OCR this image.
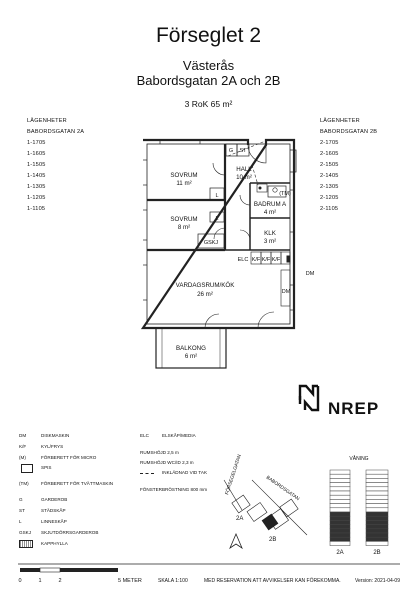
Förseglet 2
Västerås
Babordsgatan 2A och 2B
3 RoK 65 m²
LÄGENHETER
BABORDSGATAN 2A
1-1705
1-1605
1-1505
1-1405
1-1305
1-1205
1-1105
LÄGENHETER
BABORDSGATAN 2B
2-1705
2-1605
2-1505
2-1405
2-1305
2-1205
2-1105
SOVRUM
11 m²
SOVRUM
8 m²
HALL
10 m²
BADRUM A
4 m²
KLK
3 m²
VARDAGSRUM/KÖK
26 m²
BALKONG
6 m²
G ST
L
L
GSKJ
(TM)
ELC K/F K/F K/F
DM
DM
NREP
DM	DISKMASKIN
K/F	KYL/FRYS
(M)	FÖRBERETT FÖR MICRO
SPIS
(TM)	FÖRBERETT FÖR TVÄTTMASKIN
G	GARDEROB
ST	STÄDSKÅP
L	LINNESKÅP
GSKJ SKJUTDÖRRSGARDEROB
KAPPHYLLA
ELC	ELSKÅP/MEDIA
RUMSHÖJD 2,5 m
RUMSHÖJD WC/ID 2,3 m
INKLÄDNAD VID TAK
FÖNSTERBRÖSTNING 800 mm	FÖRSEGELGATAN	BABORDSGATAN
2A
2B
VÅNING
2A	2B
0	1	2	5 METER	SKALA 1:100	MED RESERVATION ATT AVVIKELSER KAN FÖREKOMMA.	Version: 2021-04-09
